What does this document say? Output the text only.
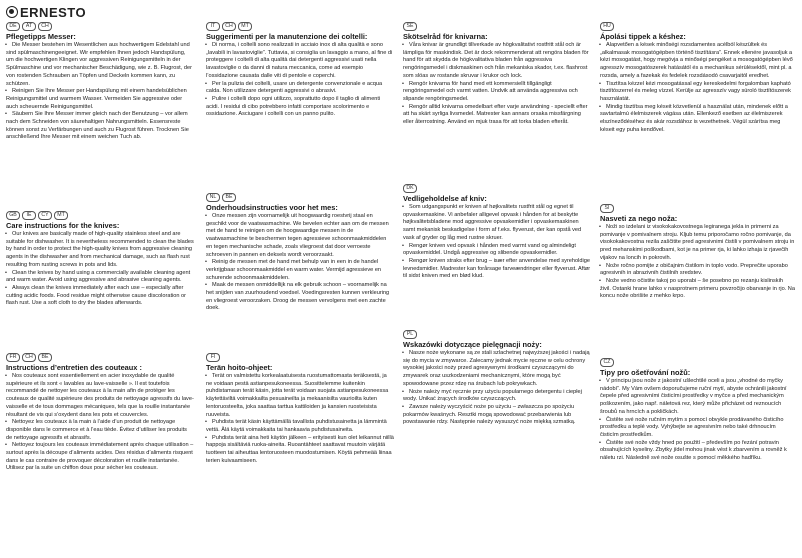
ERNESTO
DE	AT	CH
Pflegetipps Messer:
• Die Messer bestehen im Wesentlichen aus hochwertigem Edelstahl und sind spülmaschinengeeignet. Wir empfehlen Ihnen jedoch Handspülung, um die hochwertigen Klingen vor aggressiven Reinigungsmitteln in der Spülmaschine und vor mechanischer Beschädigung, wie z. B. Flugrost, der von rostenden Schrauben an Töpfen und Deckeln kommen kann, zu schützen.
• Reinigen Sie Ihre Messer per Handspülung mit einem handelsüblichen Reinigungsmittel und warmem Wasser. Vermeiden Sie aggressive oder auch scheuernde Reinigungsmittel.
• Säubern Sie Ihre Messer immer gleich nach der Benutzung – vor allem nach dem Schneiden von säurehaltigen Nahrungsmitteln. Essensreste können sonst zu Verfärbungen und auch zu Flugrost führen. Trocknen Sie anschließend Ihre Messer mit einem weichen Tuch ab.
GB	IE	CY	MT
Care instructions for the knives:
• Our knives are basically made of high-quality stainless steel and are suitable for dishwasher. It is nevertheless recommended to clean the blades by hand in order to protect the high-quality knives from aggressive cleaning agents in the dishwasher and from mechanical damage, such as flash rust resulting from rusting screws in pots and lids.
• Clean the knives by hand using a commercially available cleaning agent and warm water. Avoid using aggressive and abrasive cleaning agents.
• Always clean the knives immediately after each use – especially after cutting acidic foods. Food residue might otherwise cause discoloration or flash rust. Use a soft cloth to dry the blades afterwards.
FR	CH	BE
Instructions d’entretien des couteaux :
• Nos couteaux sont essentiellement en acier inoxydable de qualité supérieure et ils sont « lavables au lave-vaisselle ». Il est toutefois recommandé de nettoyer les couteaux à la main afin de protéger les couteaux de qualité supérieure des produits de nettoyage agressifs du lave-vaisselle et de tous dommages mécaniques, tels que la rouille instantanée résultant de vis qui s’oxydent dans les pots et couvercles.
• Nettoyez les couteaux à la main à l’aide d’un produit de nettoyage disponible dans le commerce et à l’eau tiède. Évitez d’utiliser les produits de nettoyage agressifs et abrasifs.
• Nettoyez toujours les couteaux immédiatement après chaque utilisation – surtout après la découpe d’aliments acides. Des résidus d’aliments risquent dans le cas contraire de provoquer décoloration et rouille instantanée. Utilisez par la suite un chiffon doux pour sécher les couteaux.
IT	CH	MT
Suggerimenti per la manutenzione dei coltelli:
• Di norma, i coltelli sono realizzati in acciaio inox di alta qualità e sono „lavabili in lavastoviglie“. Tuttavia, si consiglia un lavaggio a mano, al fine di proteggere i coltelli di alta qualità dai detergenti aggressivi usati nella lavastoviglie o da danni di natura meccanica, come ad esempio l’ossidazione causata dalle viti di pentole e coperchi.
• Per la pulizia dei coltelli, usare un detergente convenzionale e acqua calda. Non utilizzare detergenti aggressivi o abrasivi.
• Pulire i coltelli dopo ogni utilizzo, soprattutto dopo il taglio di alimenti acidi. I residui di cibo potrebbero infatti comportare scolorimento e ossidazione. Asciugare i coltelli con un panno pulito.
NL	BE
Onderhoudsinstructies voor het mes:
• Onze messen zijn voornamelijk uit hoogwaardig roestvrij staal en geschikt voor de vaatwasmachine. We bevelen echter aan om de messen met de hand te reinigen om de hoogwaardige messen in de vaatwasmachine te beschermen tegen agressieve schoonmaakmiddelen en tegen mechanische schade, zoals vliegroest dat door verroeste schroeven in pannen en deksels wordt veroorzaakt.
• Reinig de messen met de hand met behulp van in een in de handel verkrijgbaar schoonmaakmiddel en warm water. Vermijd agressieve en schurende schoonmaakmiddelen.
• Maak de messen onmiddellijk na elk gebruik schoon – voornamelijk na het snijden van zuurhoudend voedsel. Voedingsresten kunnen verkleuring en vliegroest veroorzaken. Droog de messen vervolgens met een zachte doek.
FI
Terän hoito-ohjeet:
• Terät on valmistettu korkealaatuisesta ruostumattomasta teräksestä, ja ne voidaan pestä astianpesukoneessa. Suosittelemme kuitenkin puhdistamaan terät käsin, jotta terät voidaan suojata astianpesukoneessa käytettäviltä voimakkailta pesuaineilta ja mekaanisilta vaurioilta kuten lentoruosteelta, joka saattaa tarttua kattiloiden ja kansien ruosteisista ruuveista.
• Puhdista terät käsin käyttämällä tavallista puhdistusainetta ja lämmintä vettä. Älä käytä voimakkaita tai hankaavia puhdistusaineita.
• Puhdista terät aina heti käytön jälkeen – erityisesti kun olet leikannut niillä happoja sisältäviä ruoka-aineita. Ruoantähteet saattavat muutoin värjätä tuotteen tai aiheuttaa lentoruosteen muodostumisen. Köytä pehmeää liinaa terien kuivaamiseen.
SE
Skötselråd för knivarna:
• Våra knivar är grundligt tillverkade av högkvalitativt rostfritt stål och är lämpliga för maskindisk. Det är dock rekommenderat att rengöra bladen för hand för att skydda de högkvalitativa bladen från aggressiva rengöringsmedel i diskmaskinen och från mekaniska skador, t.ex. flashrost som slöas av rostande skruvar i krukor och lock.
• Rengör knivarna för hand med ett kommersiellt tillgängligt rengöringsmedel och varmt vatten. Undvik att använda aggressiva och slipande rengöringsmedel.
• Rengör alltid knivarna omedelbart efter varje användning - speciellt efter att ha skärt syrliga livsmedel. Matrester kan annars orsaka missfärgning eller återrostning. Använd en mjuk trasa för att torka bladen efteråt.
DK
Vedligeholdelse af kniv:
• Som udgangspunkt er kniven af højkvalitets rustfrit stål og egnet til opvaskemaskine. Vi anbefaler alligevel opvask i hånden for at beskytte højkvalitetsbladene mod aggressive opvaskemidler i opvaskemaskinen samt mekanisk beskadigelse i form af f.eks. flyverust, der kan opstå ved vask af gryder og låg med rustne skruer.
• Rengør kniven ved opvask i hånden med varmt vand og almindeligt opvaskemiddel. Undgå aggressive og slibende opvaskemidler.
• Rengør kniven straks efter brug – især efter anvendelse med syreholdige levnedsmidler. Madrester kan forårsage farveændringer eller flyverust. Aftør til sidst kniven med en blød klud.
PL
Wskazówki dotyczące pielęgnacji noży:
• Nasze noże wykonane są ze stali szlachetnej najwyższej jakości i nadają się do mycia w zmywarce. Zalecamy jednak mycie ręczne w celu ochrony wysokiej jakości noży przed agresywnymi środkami czyszczącymi do zmywarek oraz uszkodzeniami mechanicznymi, które mogą być spowodowane przez rdzę na śrubach lub pokrywkach.
• Noże należy myć ręcznie przy użyciu popularnego detergentu i ciepłej wody. Unikać żrących środków czyszczących.
• Zawsze należy wyczyścić noże po użyciu – zwłaszcza po spożyciu pokarmów kwaśnych. Resztki mogą spowodować przebarwienia lub powstawanie rdzy. Następnie należy wysuszyć noże miękką szmatką.
HU
Ápolási tippek a késhez:
• Alapvetően a kések minőségi rozsdamentes acélból készültek és „alkalmasak mosogatógépben történő tisztításra”. Ennek ellenére javasoljuk a kézi mosogatást, hogy megóvja a minőségi pengéket a mosogatógépben lévő agresszív mosogatószerek hatásától és a mechanikus sérülésektől, mint pl. a rozsda, amely a fazekak és fedelek rozsdásodó csavarjaitól eredhet.
• Tisztítsa kézzel kézi mosogatással egy kereskedelmi forgalomban kapható tisztítószerrel és meleg vízzel. Kerülje az agresszív vagy súroló tisztítószerek használatát.
• Mindig tisztítsa meg késeit közvetlenül a használat után, mindenek előtt a savtartalmú élelmiszerek vágása után. Ellenkező esetben az élelmiszerek elszíneződéséhez és akár rozsdához is vezethetnek. Végül szárítsa meg késeit egy puha kendővel.
SI
Nasveti za nego noža:
• Noži so izdelani iz visokokakovostnega legiranega jekla in primerni za pomivanje v pomivalnem stroju. Kljub temu priporočamo ročno pomivanje, da visokokakovostna rezila zaščitite pred agresivnimi čistili v pomivalnem stroju in pred mehanskimi poškodbami, kot je na primer rja, ki lahko izhaja iz rjavečih vijakov na loncih in pokrovih.
• Nože ročno pomijte z običajnim čistilom in toplo vodo. Preprečite uporabo agresivnih in abrazivnih čistilnih sredstev.
• Nože vedno očistite takoj po uporabi – še posebno po rezanju kislinskih živil. Ostanki hrane lahko v nasprotnem primeru povzročijo obarvanje in rjo. Na koncu nože obrišite z mehko krpo.
CZ
Tipy pro ošetřování nožů:
• V principu jsou nože z jakostní ušlechtilé oceli a jsou „vhodné do myčky nádobí“. My Vám ovšem doporučujeme ruční mytí, abyste ochránili jakostní čepele před agresivními čisticími prostředky v myčce a před mechanickým poškozením, jako např. náletová rez, který může přicházet od reznoucích šroubů na hrncích a pokličkách.
• Čistěte své nože ručním mytím s pomocí obvykle prodávaného čisticího prostředku a teplé vody. Vyhýbejte se agresivním nebo také drhnoucím čisticím prostředkům.
• Čistěte své nože vždy hned po použití – především po řezání potravin obsahujících kyseliny. Zbytky jídel mohou jinak vést k zbarvením a rovněž k náletu rzi. Následně své nože osušte s pomocí měkkého hadříku.
